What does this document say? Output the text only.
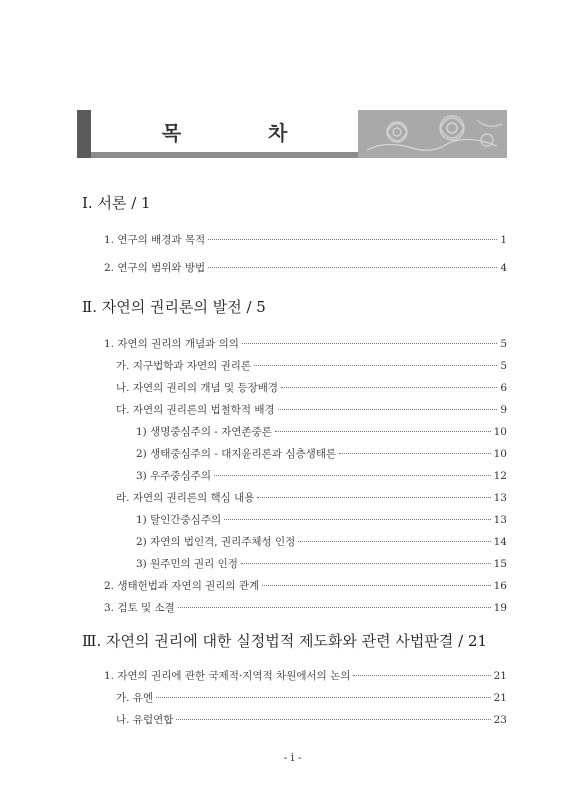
목 차
Ⅰ. 서론 / 1
1. 연구의 배경과 목적	1
2. 연구의 범위와 방법	4
Ⅱ. 자연의 권리론의 발전 / 5
1. 자연의 권리의 개념과 의의	5
가. 지구법학과 자연의 권리론	5
나. 자연의 권리의 개념 및 등장배경	6
다. 자연의 권리론의 법철학적 배경	9
1) 생명중심주의 - 자연존중론	10
2) 생태중심주의 - 대지윤리론과 심층생태론	10
3) 우주중심주의	12
라. 자연의 권리론의 핵심 내용	13
1) 탈인간중심주의	13
2) 자연의 법인격, 권리주체성 인정	14
3) 원주민의 권리 인정	15
2. 생태헌법과 자연의 권리의 관계	16
3. 검토 및 소결	19
Ⅲ. 자연의 권리에 대한 실정법적 제도화와 관련 사법판결 / 21
1. 자연의 권리에 관한 국제적·지역적 차원에서의 논의	21
가. 유엔	21
나. 유럽연합	23
- i -
